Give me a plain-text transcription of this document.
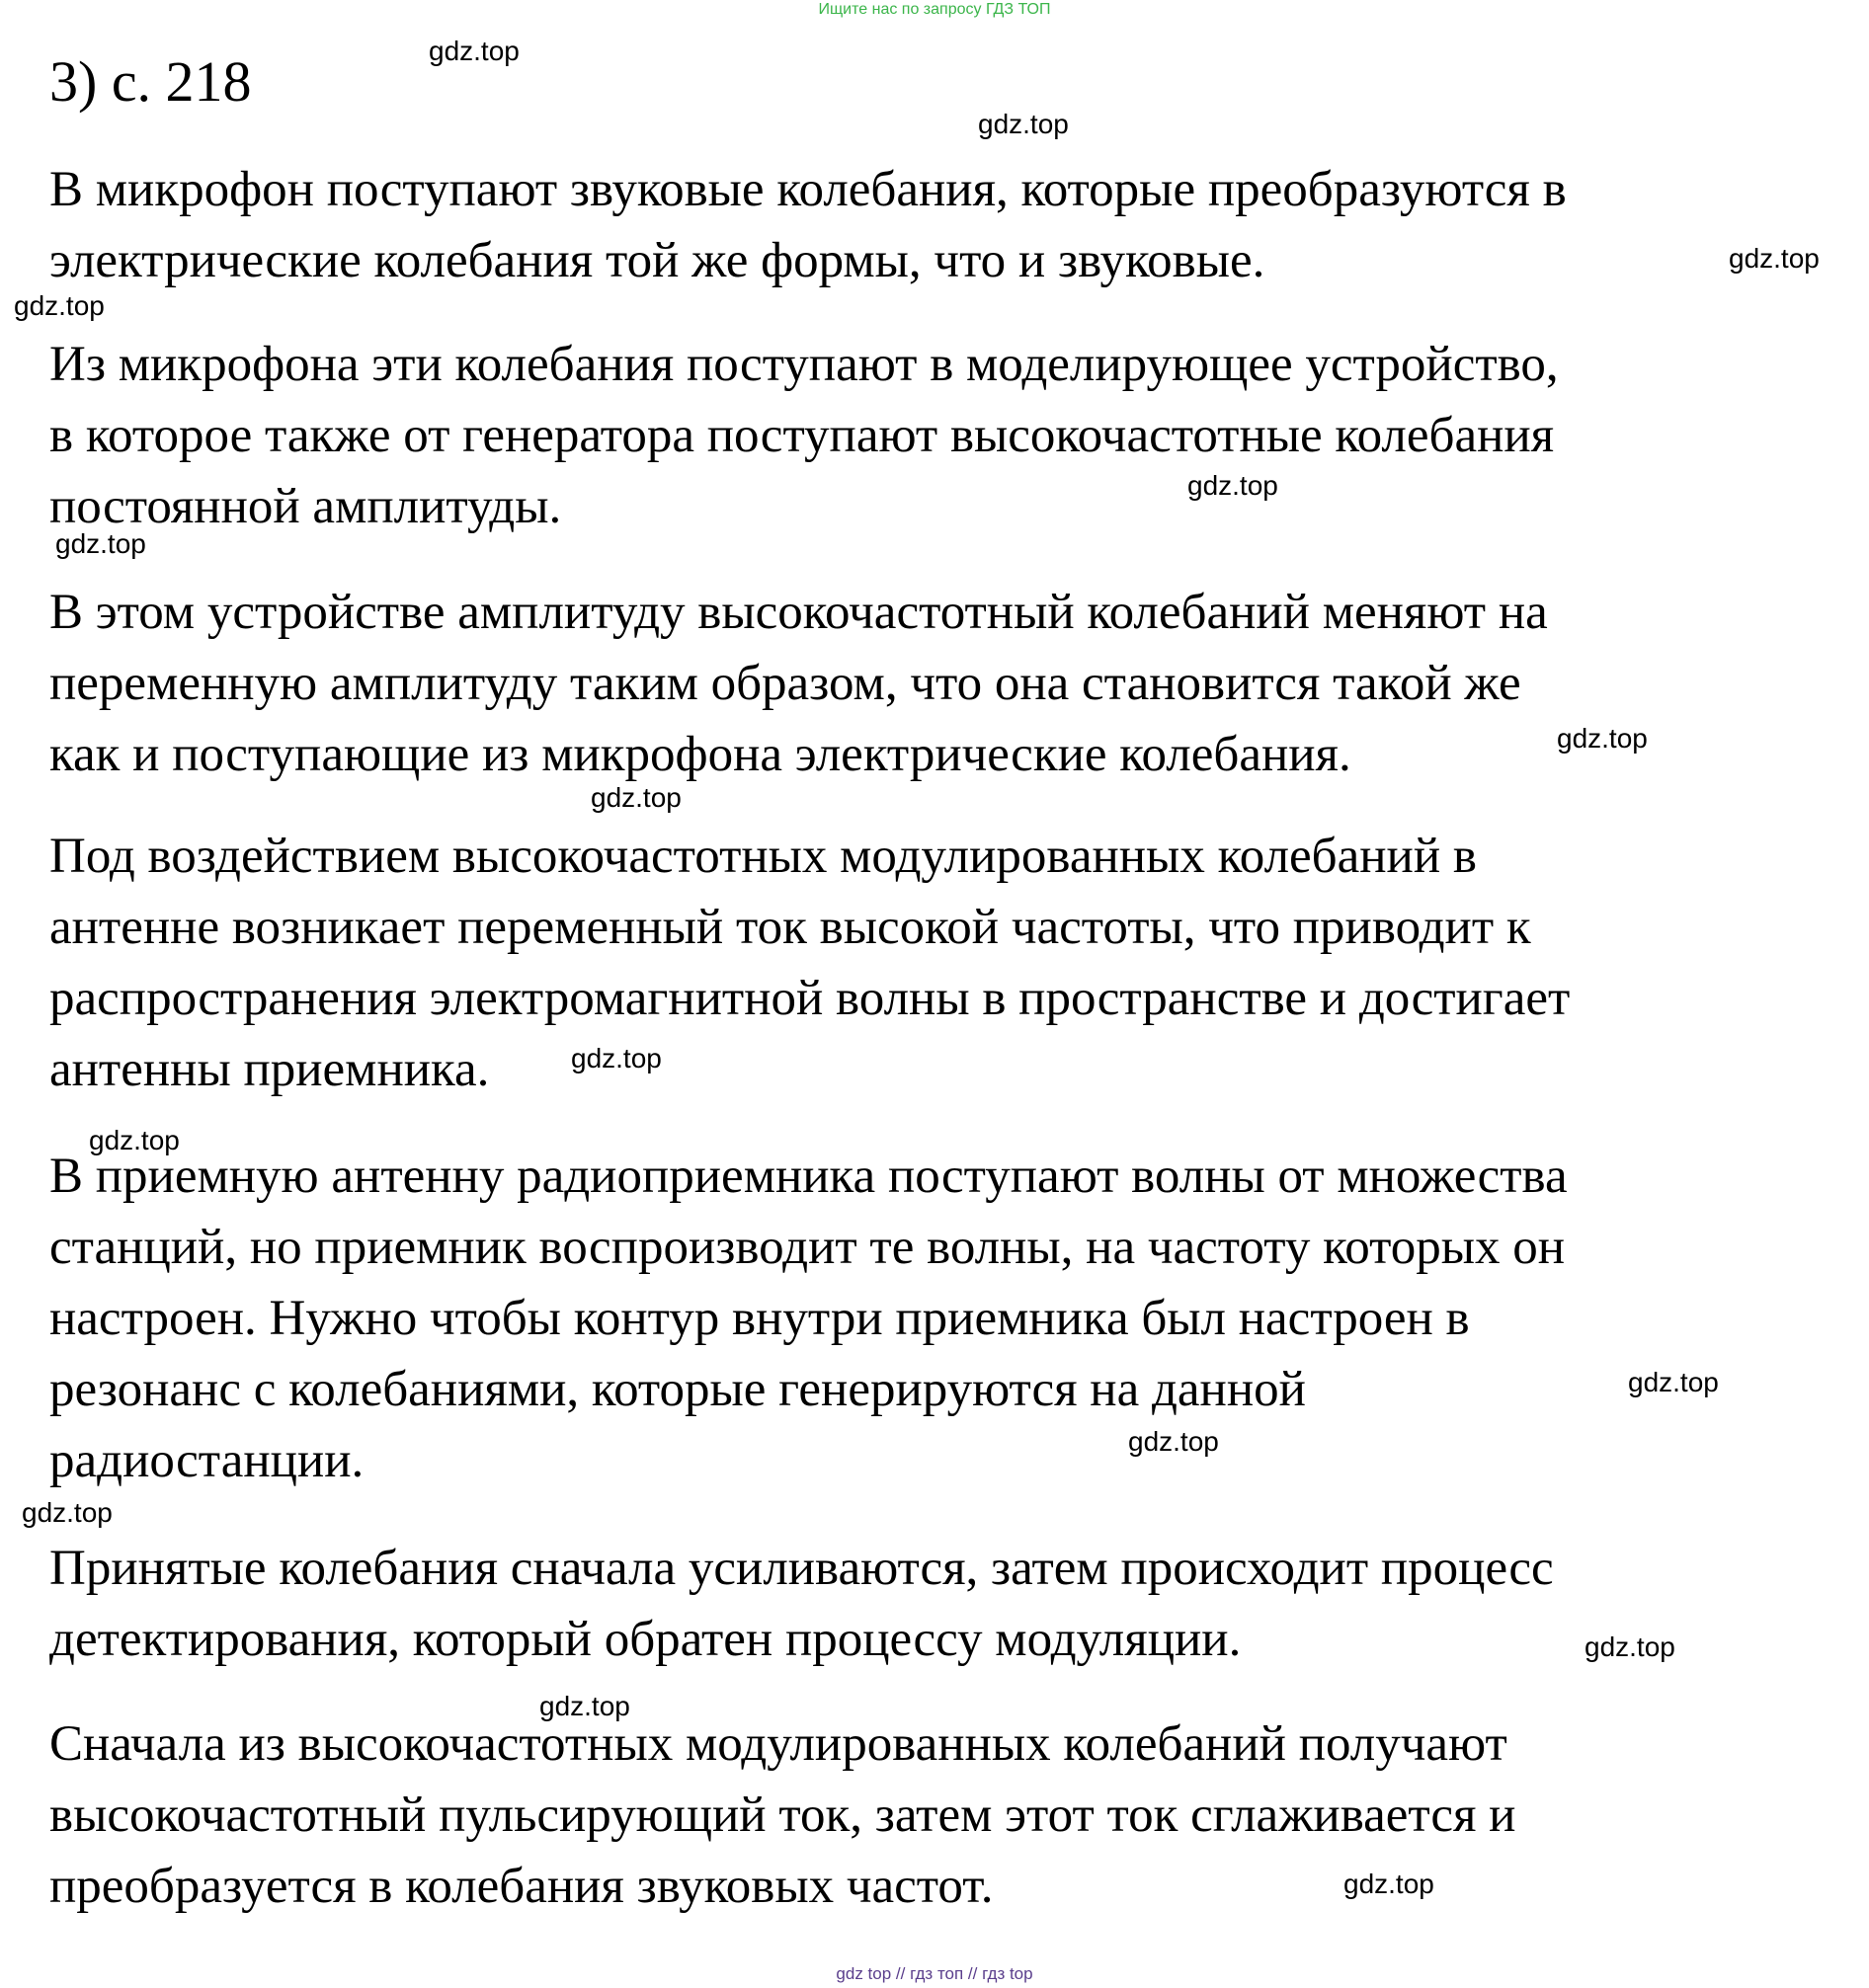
Ищите нас по запросу ГДЗ ТОП
3) с. 218
В микрофон поступают звуковые колебания, которые преобразуются в
электрические колебания той же формы, что и звуковые.
Из микрофона эти колебания поступают в моделирующее устройство,
в которое также от генератора поступают высокочастотные колебания
постоянной амплитуды.
В этом устройстве амплитуду высокочастотный колебаний меняют на
переменную амплитуду таким образом, что она становится такой же
как и поступающие из микрофона электрические колебания.
Под воздействием высокочастотных модулированных колебаний в
антенне возникает переменный ток высокой частоты, что приводит к
распространения электромагнитной волны в пространстве и достигает
антенны приемника.
В приемную антенну радиоприемника поступают волны от множества
станций, но приемник воспроизводит те волны, на частоту которых он
настроен. Нужно чтобы контур внутри приемника был настроен в
резонанс с колебаниями, которые генерируются на данной
радиостанции.
Принятые колебания сначала усиливаются, затем происходит процесс
детектирования, который обратен процессу модуляции.
Сначала из высокочастотных модулированных колебаний получают
высокочастотный пульсирующий ток, затем этот ток сглаживается и
преобразуется в колебания звуковых частот.
gdz.top
gdz.top
gdz.top
gdz.top
gdz.top
gdz.top
gdz.top
gdz.top
gdz.top
gdz.top
gdz.top
gdz.top
gdz.top
gdz.top
gdz.top
gdz.top
gdz top // гдз топ // гдз top
